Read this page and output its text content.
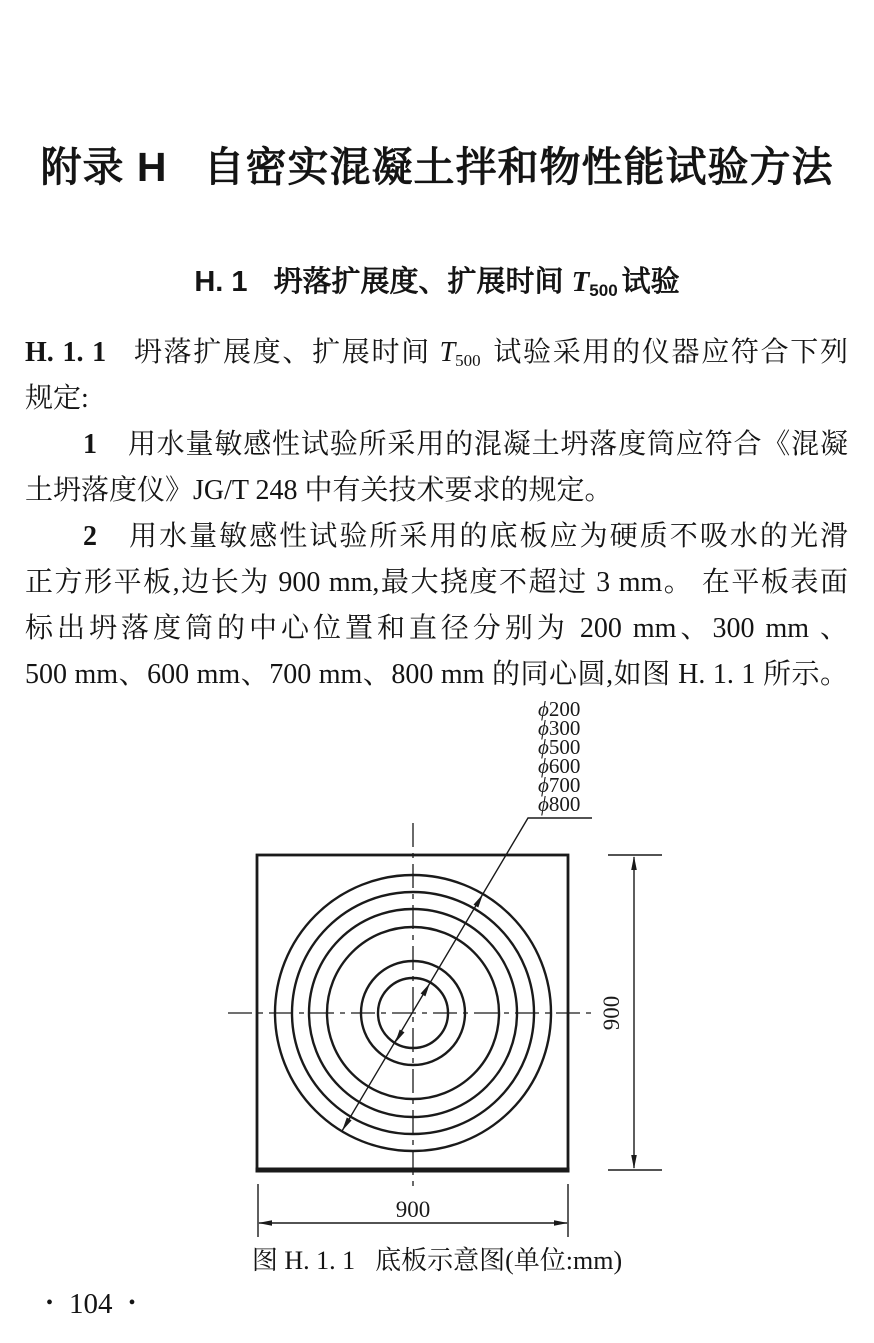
附录 H 自密实混凝土拌和物性能试验方法
H. 1 坍落扩展度、扩展时间 $T_{500}$ 试验
H. 1. 1 坍落扩展度、扩展时间 $T_{500}$ 试验采用的仪器应符合下列
规定:
1 用水量敏感性试验所采用的混凝土坍落度筒应符合《混凝
土坍落度仪》JG/T 248 中有关技术要求的规定。
2 用水量敏感性试验所采用的底板应为硬质不吸水的光滑
正方形平板,边长为 900 mm,最大挠度不超过 3 mm。 在平板表面
标出坍落度筒的中心位置和直径分别为 200 mm、300 mm 、
500 mm、600 mm、700 mm、800 mm 的同心圆,如图 H. 1. 1 所示。
ϕ200
ϕ300
ϕ500
ϕ600
ϕ700
ϕ800
900
900
图 H. 1. 1 底板示意图(单位:mm)
• 104 •
